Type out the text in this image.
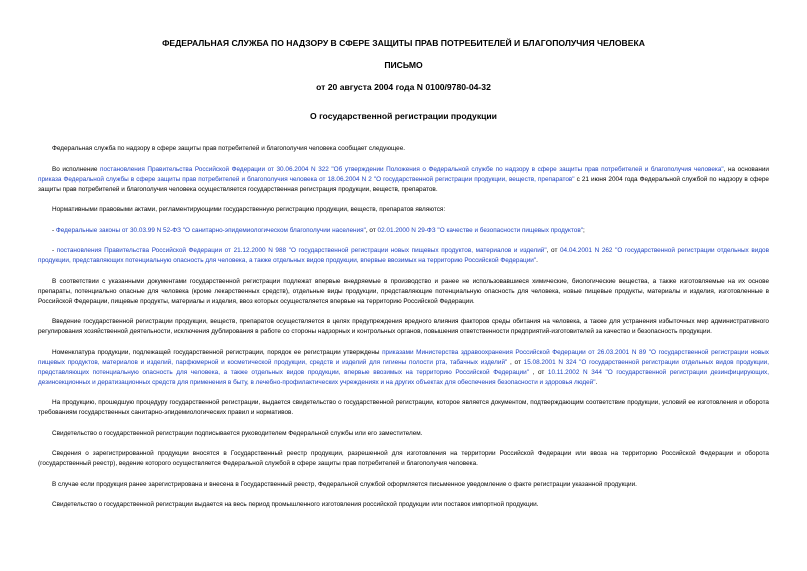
ФЕДЕРАЛЬНАЯ СЛУЖБА ПО НАДЗОРУ В СФЕРЕ ЗАЩИТЫ ПРАВ ПОТРЕБИТЕЛЕЙ И БЛАГОПОЛУЧИЯ ЧЕЛОВЕКА

ПИСЬМО

от 20 августа 2004 года N 0100/9780-04-32

О государственной регистрации продукции

Федеральная служба по надзору в сфере защиты прав потребителей и благополучия человека сообщает следующее.

Во исполнение постановления Правительства Российской Федерации от 30.06.2004 N 322 "Об утверждении Положения о Федеральной службе по надзору в сфере защиты прав потребителей и благополучия человека", на основании приказа Федеральной службы в сфере защиты прав потребителей и благополучия человека от 18.06.2004 N 2 "О государственной регистрации продукции, веществ, препаратов" с 21 июня 2004 года Федеральной службой по надзору в сфере защиты прав потребителей и благополучия человека осуществляется государственная регистрация продукции, веществ, препаратов.

Нормативными правовыми актами, регламентирующими государственную регистрацию продукции, веществ, препаратов являются:

- Федеральные законы от 30.03.99 N 52-ФЗ "О санитарно-эпидемиологическом благополучии населения", от 02.01.2000 N 29-ФЗ "О качестве и безопасности пищевых продуктов";

- постановления Правительства Российской Федерации от 21.12.2000 N 988 "О государственной регистрации новых пищевых продуктов, материалов и изделий", от 04.04.2001 N 262 "О государственной регистрации отдельных видов продукции, представляющих потенциальную опасность для человека, а также отдельных видов продукции, впервые ввозимых на территорию Российской Федерации".

В соответствии с указанными документами государственной регистрации подлежат впервые внедряемые в производство и ранее не использовавшиеся химические, биологические вещества, а также изготовляемые на их основе препараты, потенциально опасные для человека (кроме лекарственных средств), отдельные виды продукции, представляющие потенциальную опасность для человека, новые пищевые продукты, материалы и изделия, изготовленные в Российской Федерации, пищевые продукты, материалы и изделия, ввоз которых осуществляется впервые на территорию Российской Федерации.

Введение государственной регистрации продукции, веществ, препаратов осуществляется в целях предупреждения вредного влияния факторов среды обитания на человека, а также для устранения избыточных мер административного регулирования хозяйственной деятельности, исключения дублирования в работе со стороны надзорных и контрольных органов, повышения ответственности предприятий-изготовителей за качество и безопасность продукции.

Номенклатура продукции, подлежащей государственной регистрации, порядок ее регистрации утверждены приказами Министерства здравоохранения Российской Федерации от 26.03.2001 N 89 "О государственной регистрации новых пищевых продуктов, материалов и изделий, парфюмерной и косметической продукции, средств и изделий для гигиены полости рта, табачных изделий" , от 15.08.2001 N 324 "О государственной регистрации отдельных видов продукции, представляющих потенциальную опасность для человека, а также отдельных видов продукции, впервые ввозимых на территорию Российской Федерации" , от 10.11.2002 N 344 "О государственной регистрации дезинфицирующих, дезинсекционных и дератизационных средств для применения в быту, в лечебно-профилактических учреждениях и на других объектах для обеспечения безопасности и здоровья людей".

На продукцию, прошедшую процедуру государственной регистрации, выдается свидетельство о государственной регистрации, которое является документом, подтверждающим соответствие продукции, условий ее изготовления и оборота требованиям государственных санитарно-эпидемиологических правил и нормативов.

Свидетельство о государственной регистрации подписывается руководителем Федеральной службы или его заместителем.

Сведения о зарегистрированной продукции вносятся в Государственный реестр продукции, разрешенной для изготовления на территории Российской Федерации или ввоза на территорию Российской Федерации и оборота (государственный реестр), ведение которого осуществляется Федеральной службой в сфере защиты прав потребителей и благополучия человека.

В случае если продукция ранее зарегистрирована и внесена в Государственный реестр, Федеральной службой оформляется письменное уведомление о факте регистрации указанной продукции.

Свидетельство о государственной регистрации выдается на весь период промышленного изготовления российской продукции или поставок импортной продукции.
